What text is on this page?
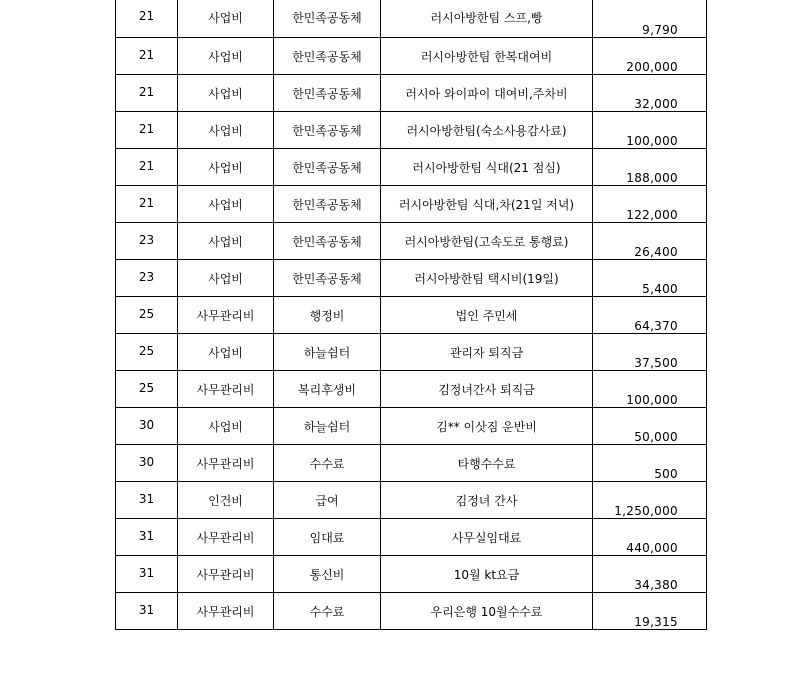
21	사업비	한민족공동체	러시아방한팀 스프,빵	9,790
21	사업비	한민족공동체	러시아방한팀 한복대여비	200,000
21	사업비	한민족공동체	러시아 와이파이 대여비,주차비	32,000
21	사업비	한민족공동체	러시아방한팀(숙소사용감사료)	100,000
21	사업비	한민족공동체	러시아방한팀 식대(21 점심)	188,000
21	사업비	한민족공동체	러시아방한팀 식대,차(21일 저녁)	122,000
23	사업비	한민족공동체	러시아방한팀(고속도로 통행료)	26,400
23	사업비	한민족공동체	러시아방한팀 택시비(19일)	5,400
25	사무관리비	행정비	법인 주민세	64,370
25	사업비	하늘쉼터	관리자 퇴직금	37,500
25	사무관리비	복리후생비	김정녀간사 퇴직금	100,000
30	사업비	하늘쉼터	김** 이삿짐 운반비	50,000
30	사무관리비	수수료	타행수수료	500
31	인건비	급여	김정녀 간사	1,250,000
31	사무관리비	임대료	사무실임대료	440,000
31	사무관리비	통신비	10월 kt요금	34,380
31	사무관리비	수수료	우리은행 10월수수료	19,315
